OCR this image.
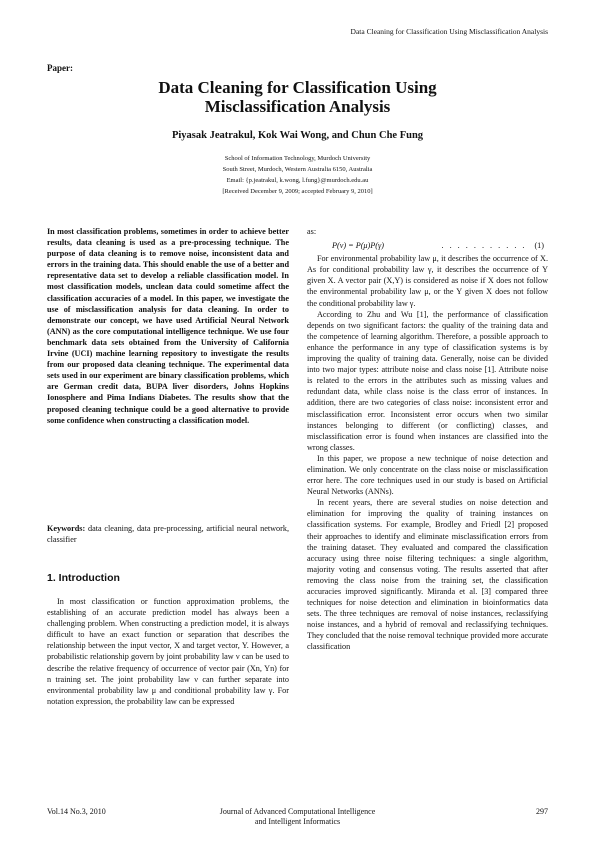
Data Cleaning for Classification Using Misclassification Analysis
Paper:
Data Cleaning for Classification Using
Misclassification Analysis
Piyasak Jeatrakul, Kok Wai Wong, and Chun Che Fung
School of Information Technology, Murdoch University
South Street, Murdoch, Western Australia 6150, Australia
Email: {p.jeatrakul, k.wong, l.fung}@murdoch.edu.au
[Received December 9, 2009; accepted February 9, 2010]
In most classification problems, sometimes in order to achieve better results, data cleaning is used as a pre-processing technique. The purpose of data cleaning is to remove noise, inconsistent data and errors in the training data. This should enable the use of a better and representative data set to develop a reliable classification model. In most classification models, unclean data could sometime affect the classification accuracies of a model. In this paper, we investigate the use of misclassification analysis for data cleaning. In order to demonstrate our concept, we have used Artificial Neural Network (ANN) as the core computational intelligence technique. We use four benchmark data sets obtained from the University of California Irvine (UCI) machine learning repository to investigate the results from our proposed data cleaning technique. The experimental data sets used in our experiment are binary classification problems, which are German credit data, BUPA liver disorders, Johns Hopkins Ionosphere and Pima Indians Diabetes. The results show that the proposed cleaning technique could be a good alternative to provide some confidence when constructing a classification model.
Keywords: data cleaning, data pre-processing, artificial neural network, classifier
1. Introduction

In most classification or function approximation problems, the establishing of an accurate prediction model has always been a challenging problem. When constructing a prediction model, it is always difficult to have an exact function or separation that describes the relationship between the input vector, X and target vector, Y. However, a probabilistic relationship govern by joint probability law ν can be used to describe the relative frequency of occurrence of vector pair (Xn, Yn) for n training set. The joint probability law ν can further separate into environmental probability law μ and conditional probability law γ. For notation expression, the probability law can be expressed

as:

P(ν) = P(μ)P(γ)	. . . . . . . . . . . (1)

For environmental probability law μ, it describes the occurrence of X. As for conditional probability law γ, it describes the occurrence of Y given X. A vector pair (X,Y) is considered as noise if X does not follow the environmental probability law μ, or the Y given X does not follow the conditional probability law γ.

According to Zhu and Wu [1], the performance of classification depends on two significant factors: the quality of the training data and the competence of learning algorithm. Therefore, a possible approach to enhance the performance in any type of classification systems is by improving the quality of training data. Generally, noise can be divided into two major types: attribute noise and class noise [1]. Attribute noise is related to the errors in the attributes such as missing values and redundant data, while class noise is the class error of instances. In addition, there are two categories of class noise: inconsistent error and misclassification error. Inconsistent error occurs when two similar instances belonging to different (or conflicting) classes, and misclassification error is found when instances are classified into the wrong classes.

In this paper, we propose a new technique of noise detection and elimination. We only concentrate on the class noise or misclassification error here. The core techniques used in our study is based on Artificial Neural Networks (ANNs).

In recent years, there are several studies on noise detection and elimination for improving the quality of training instances on classification systems. For example, Brodley and Friedl [2] proposed their approaches to identify and eliminate misclassification errors from the training dataset. They evaluated and compared the classification accuracy using three noise filtering techniques: a single algorithm, majority voting and consensus voting. The results asserted that after removing the class noise from the training set, the classification accuracies improved significantly. Miranda et al. [3] compared three techniques for noise detection and elimination in bioinformatics data sets. The three techniques are removal of noise instances, reclassifying noise instances, and a hybrid of removal and reclassifying techniques. They concluded that the noise removal technique provided more accurate classification

Vol.14 No.3, 2010	Journal of Advanced Computational Intelligence
and Intelligent Informatics
297
